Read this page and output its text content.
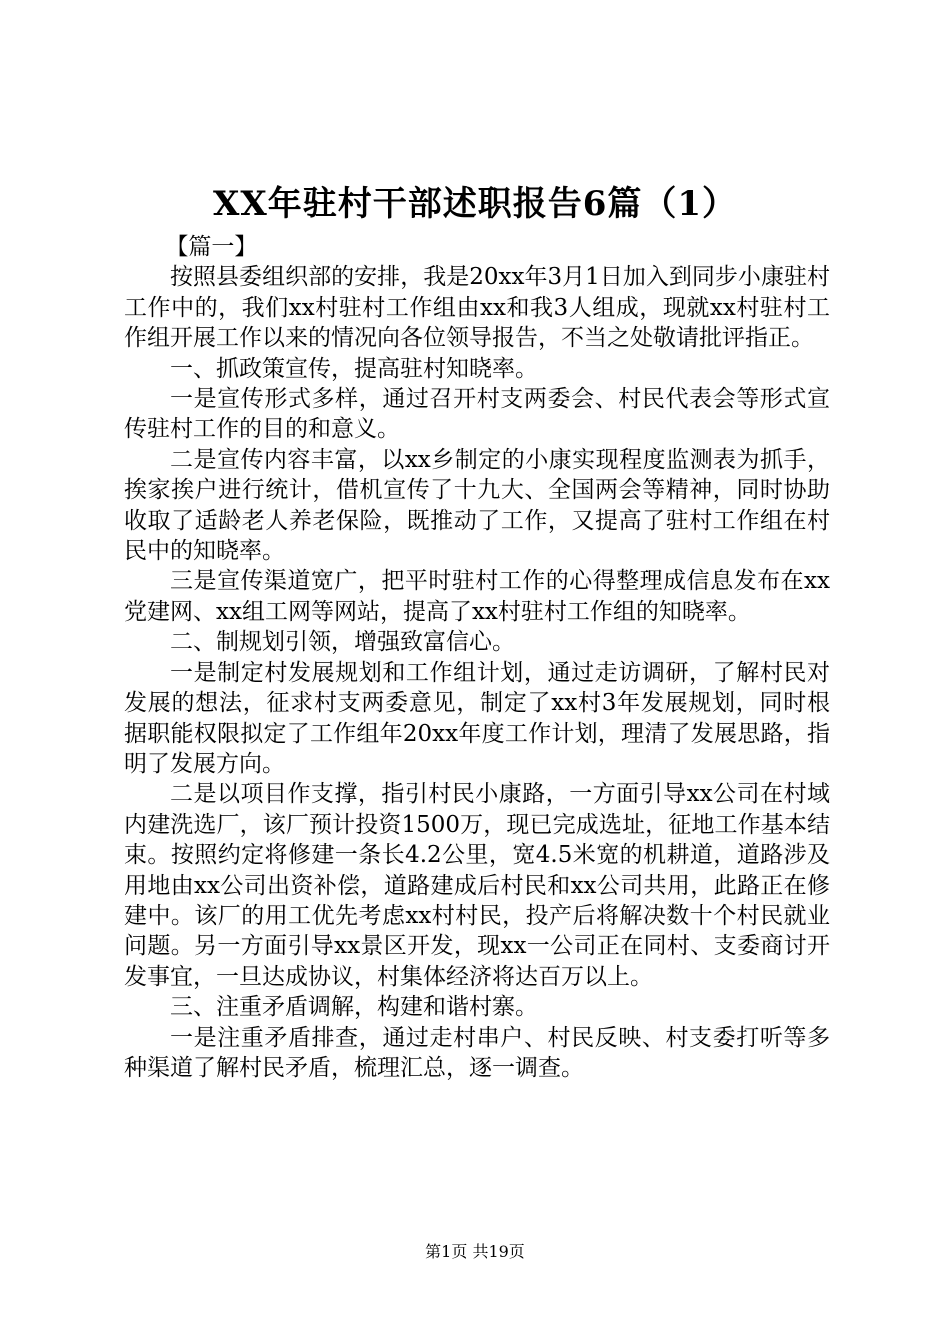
XX年驻村干部述职报告6篇（1）

【篇一】

按照县委组织部的安排，我是20xx年3月1日加入到同步小康驻村工作中的，我们xx村驻村工作组由xx和我3人组成，现就xx村驻村工作组开展工作以来的情况向各位领导报告，不当之处敬请批评指正。

一、抓政策宣传，提高驻村知晓率。

一是宣传形式多样，通过召开村支两委会、村民代表会等形式宣传驻村工作的目的和意义。

二是宣传内容丰富，以xx乡制定的小康实现程度监测表为抓手，挨家挨户进行统计，借机宣传了十九大、全国两会等精神，同时协助收取了适龄老人养老保险，既推动了工作，又提高了驻村工作组在村民中的知晓率。

三是宣传渠道宽广，把平时驻村工作的心得整理成信息发布在xx党建网、xx组工网等网站，提高了xx村驻村工作组的知晓率。

二、制规划引领，增强致富信心。

一是制定村发展规划和工作组计划，通过走访调研，了解村民对发展的想法，征求村支两委意见，制定了xx村3年发展规划，同时根据职能权限拟定了工作组年20xx年度工作计划，理清了发展思路，指明了发展方向。

二是以项目作支撑，指引村民小康路，一方面引导xx公司在村域内建洗选厂，该厂预计投资1500万，现已完成选址，征地工作基本结束。按照约定将修建一条长4.2公里，宽4.5米宽的机耕道，道路涉及用地由xx公司出资补偿，道路建成后村民和xx公司共用，此路正在修建中。该厂的用工优先考虑xx村村民，投产后将解决数十个村民就业问题。另一方面引导xx景区开发，现xx一公司正在同村、支委商讨开发事宜，一旦达成协议，村集体经济将达百万以上。

三、注重矛盾调解，构建和谐村寨。

一是注重矛盾排查，通过走村串户、村民反映、村支委打听等多种渠道了解村民矛盾，梳理汇总，逐一调查。

第1页 共19页
